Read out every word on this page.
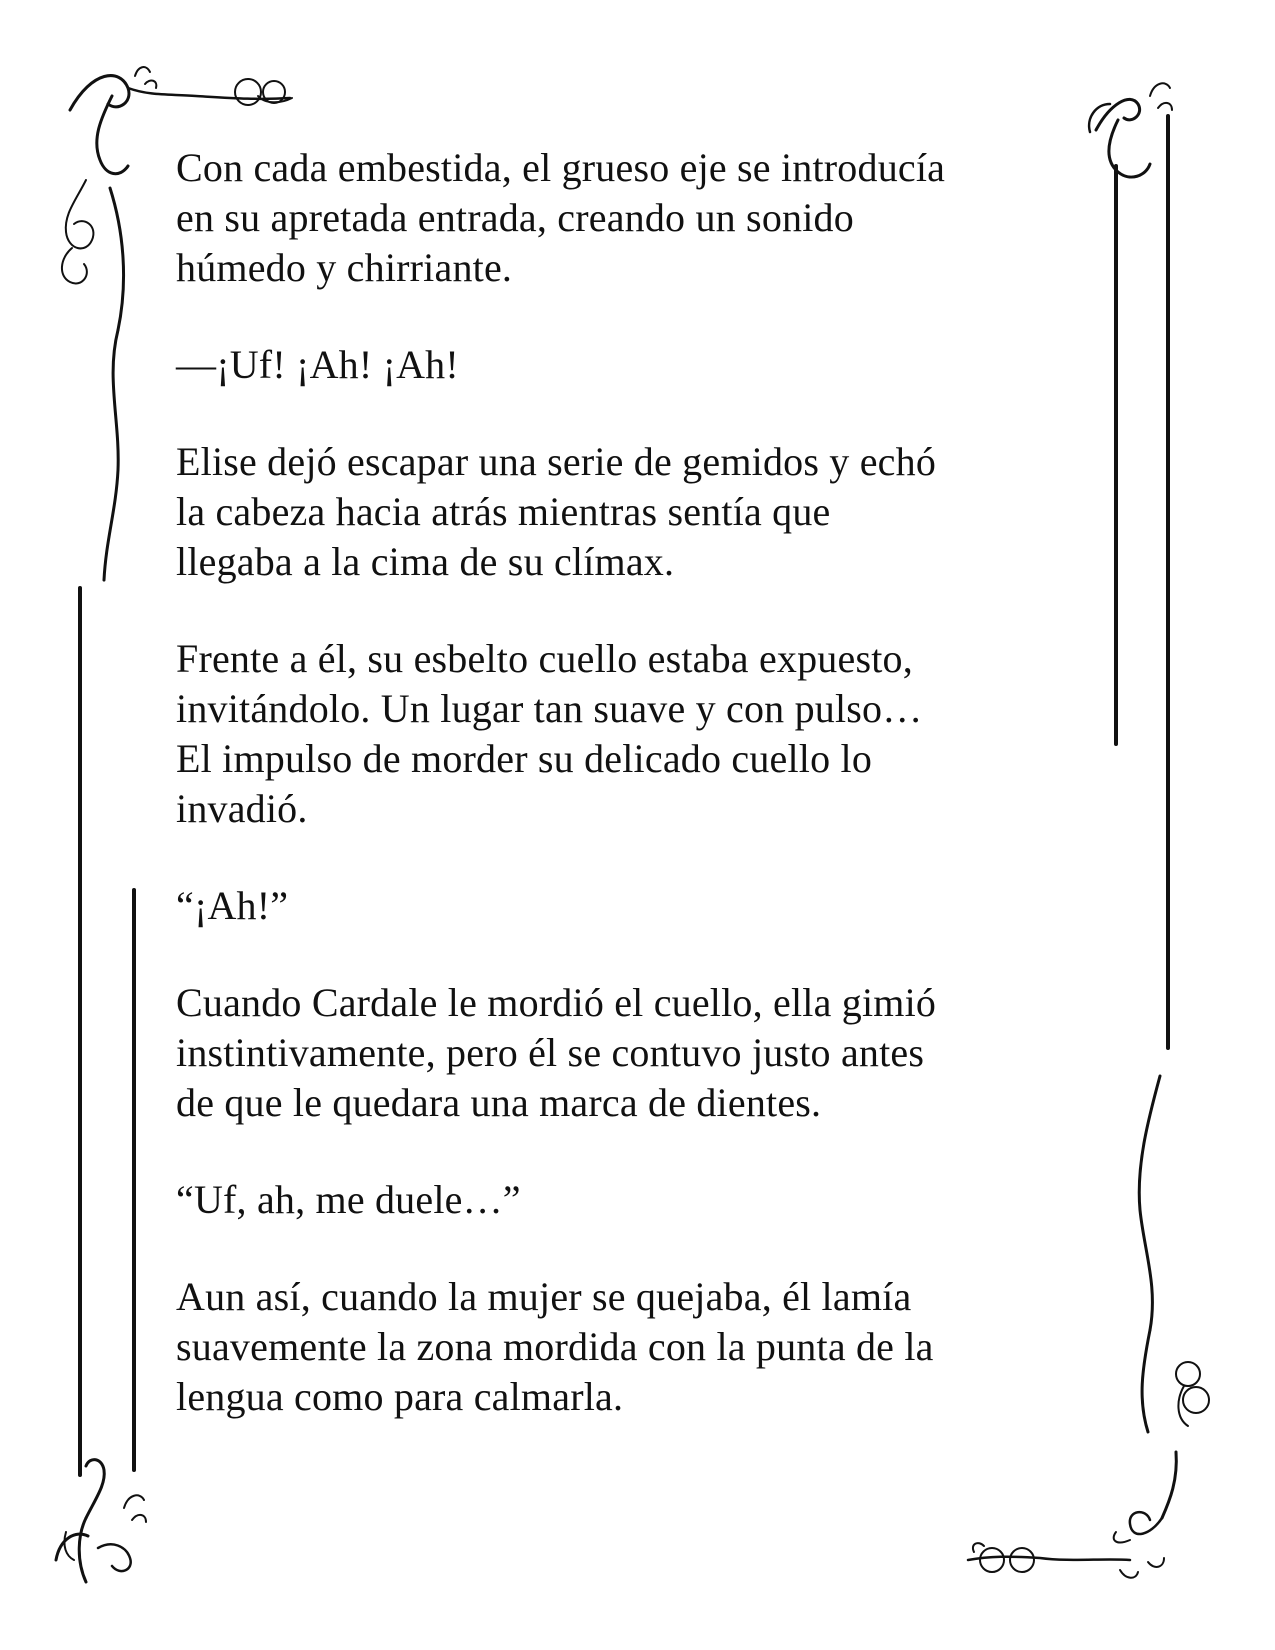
Con cada embestida, el grueso eje se introducía
en su apretada entrada, creando un sonido
húmedo y chirriante.

—¡Uf! ¡Ah! ¡Ah!

Elise dejó escapar una serie de gemidos y echó
la cabeza hacia atrás mientras sentía que
llegaba a la cima de su clímax.

Frente a él, su esbelto cuello estaba expuesto,
invitándolo. Un lugar tan suave y con pulso…
El impulso de morder su delicado cuello lo
invadió.

“¡Ah!”

Cuando Cardale le mordió el cuello, ella gimió
instintivamente, pero él se contuvo justo antes
de que le quedara una marca de dientes.

“Uf, ah, me duele…”

Aun así, cuando la mujer se quejaba, él lamía
suavemente la zona mordida con la punta de la
lengua como para calmarla.
